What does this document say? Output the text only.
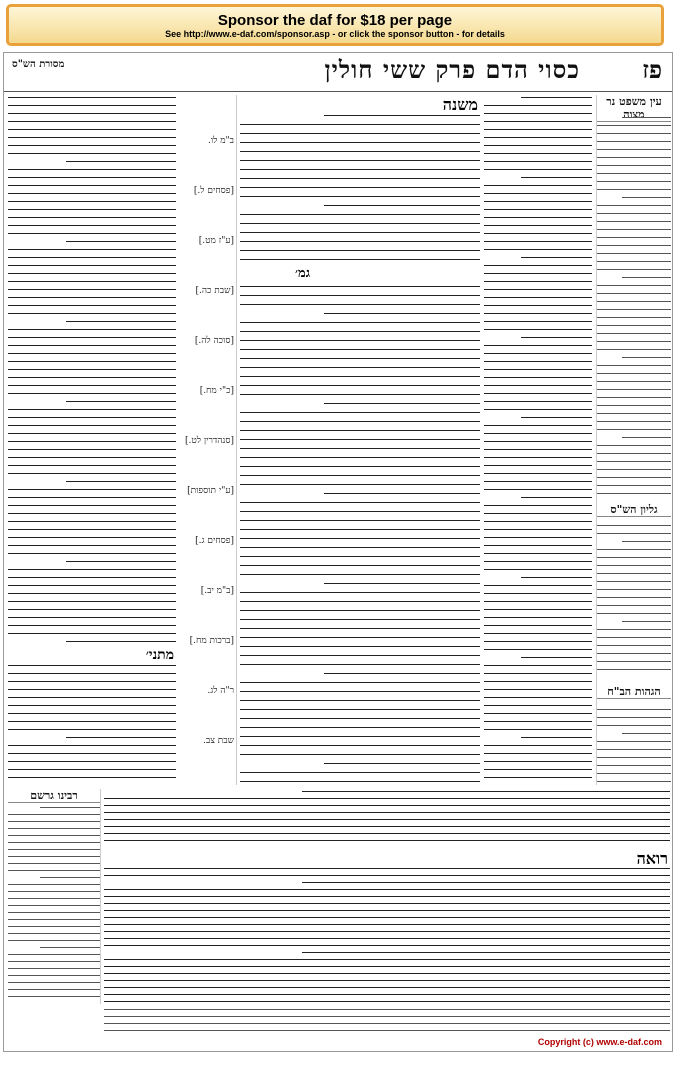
Sponsor the daf for $18 per page
See http://www.e-daf.com/sponsor.asp - or click the sponsor button - for details
פז
כסוי הדם פרק ששי חולין
מסורת הש"ס
עין משפט נר מצוה
גליון הש"ס
הגהות הב"ח
משנה
גמ׳
ב"מ לו.
[פסחים ל.]
[ע"ז מט.]
[שבת כה.]
[סוכה לה.]
[כ"י מח.]
[סנהדרין לט.]
[ע"י תוספות]
[פסחים ג.]
[ב"מ יב.]
[ברכות מח.]
ר"ה לג.
שבת צב.
מתני׳
רבינו גרשם
רואה
Copyright (c) www.e-daf.com
